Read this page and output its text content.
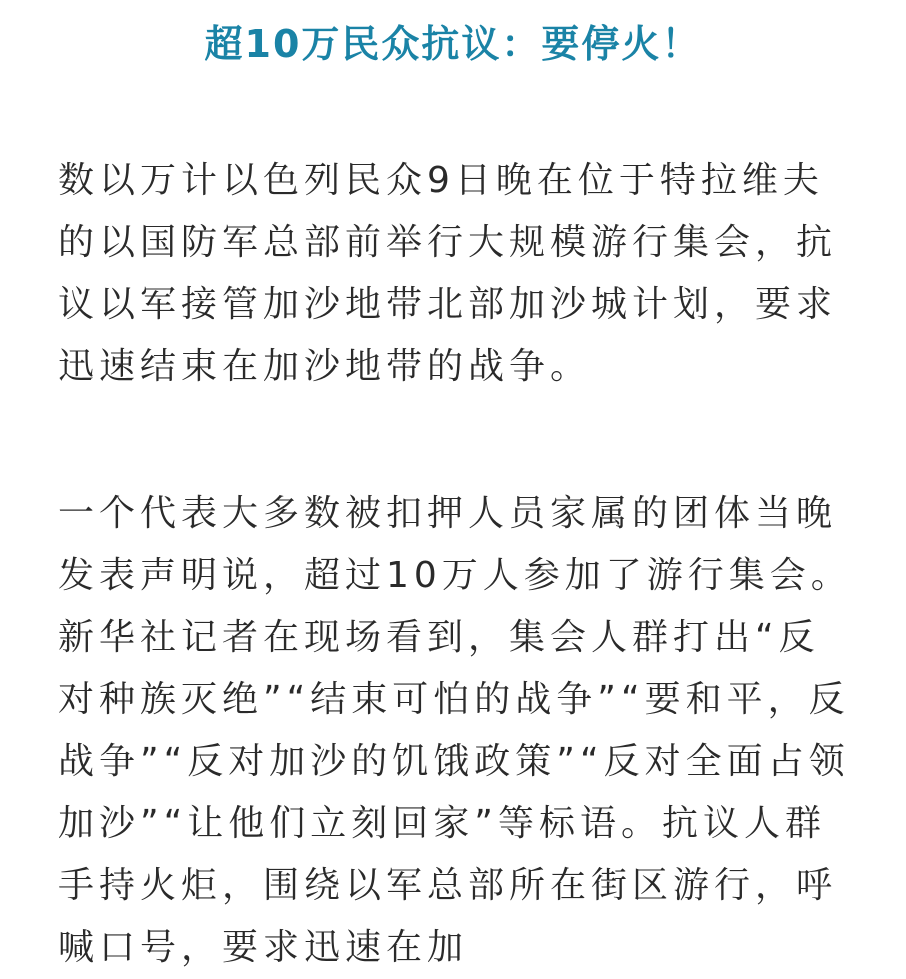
超10万民众抗议：要停火！

数以万计以色列民众9日晚在位于特拉维夫的以国防军总部前举行大规模游行集会，抗议以军接管加沙地带北部加沙城计划，要求迅速结束在加沙地带的战争。

一个代表大多数被扣押人员家属的团体当晚发表声明说，超过10万人参加了游行集会。新华社记者在现场看到，集会人群打出“反对种族灭绝”“结束可怕的战争”“要和平，反战争”“反对加沙的饥饿政策”“反对全面占领加沙”“让他们立刻回家”等标语。抗议人群手持火炬，围绕以军总部所在街区游行，呼喊口号，要求迅速在加
